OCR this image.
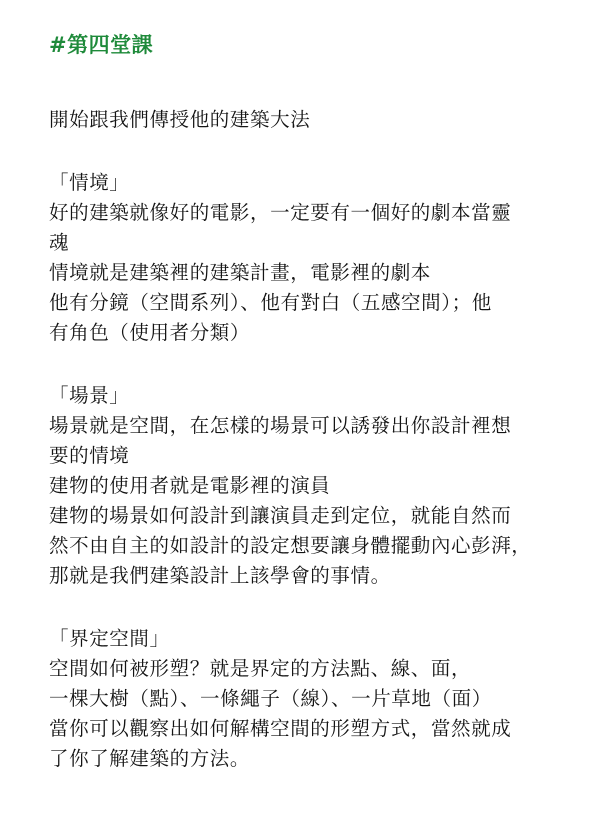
#第四堂課

開始跟我們傳授他的建築大法

「情境」
好的建築就像好的電影，一定要有一個好的劇本當靈
魂
情境就是建築裡的建築計畫，電影裡的劇本
他有分鏡（空間系列）、他有對白（五感空間）；他
有角色（使用者分類）
「場景」
場景就是空間，在怎樣的場景可以誘發出你設計裡想
要的情境
建物的使用者就是電影裡的演員
建物的場景如何設計到讓演員走到定位，就能自然而
然不由自主的如設計的設定想要讓身體擺動內心彭湃，
那就是我們建築設計上該學會的事情。
「界定空間」
空間如何被形塑？就是界定的方法點、線、面，
一棵大樹（點）、一條繩子（線）、一片草地（面）
當你可以觀察出如何解構空間的形塑方式，當然就成
了你了解建築的方法。
